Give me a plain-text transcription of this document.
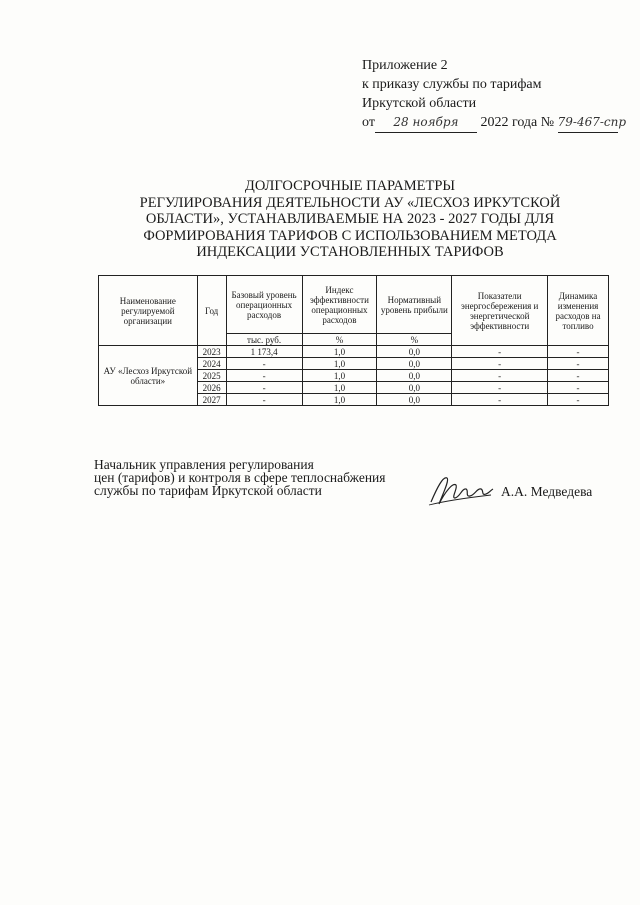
Приложение 2
к приказу службы по тарифам
Иркутской области
от 28 ноября 2022 года № 79-467-спр
ДОЛГОСРОЧНЫЕ ПАРАМЕТРЫ
РЕГУЛИРОВАНИЯ ДЕЯТЕЛЬНОСТИ АУ «ЛЕСХОЗ ИРКУТСКОЙ
ОБЛАСТИ», УСТАНАВЛИВАЕМЫЕ НА 2023 - 2027 ГОДЫ ДЛЯ
ФОРМИРОВАНИЯ ТАРИФОВ С ИСПОЛЬЗОВАНИЕМ МЕТОДА
ИНДЕКСАЦИИ УСТАНОВЛЕННЫХ ТАРИФОВ
Наименование регулируемой организации	Год	Базовый уровень операционных расходов	Индекс эффективности операционных расходов	Нормативный уровень прибыли	Показатели энергосбережения и энергетической эффективности	Динамика изменения расходов на топливо
		тыс. руб.	%	%		
АУ «Лесхоз Иркутской области»	2023	1 173,4	1,0	0,0	-	-
	2024	-	1,0	0,0	-	-
	2025	-	1,0	0,0	-	-
	2026	-	1,0	0,0	-	-
	2027	-	1,0	0,0	-	-
Начальник управления регулирования
цен (тарифов) и контроля в сфере теплоснабжения
службы по тарифам Иркутской области	А.А. Медведева
